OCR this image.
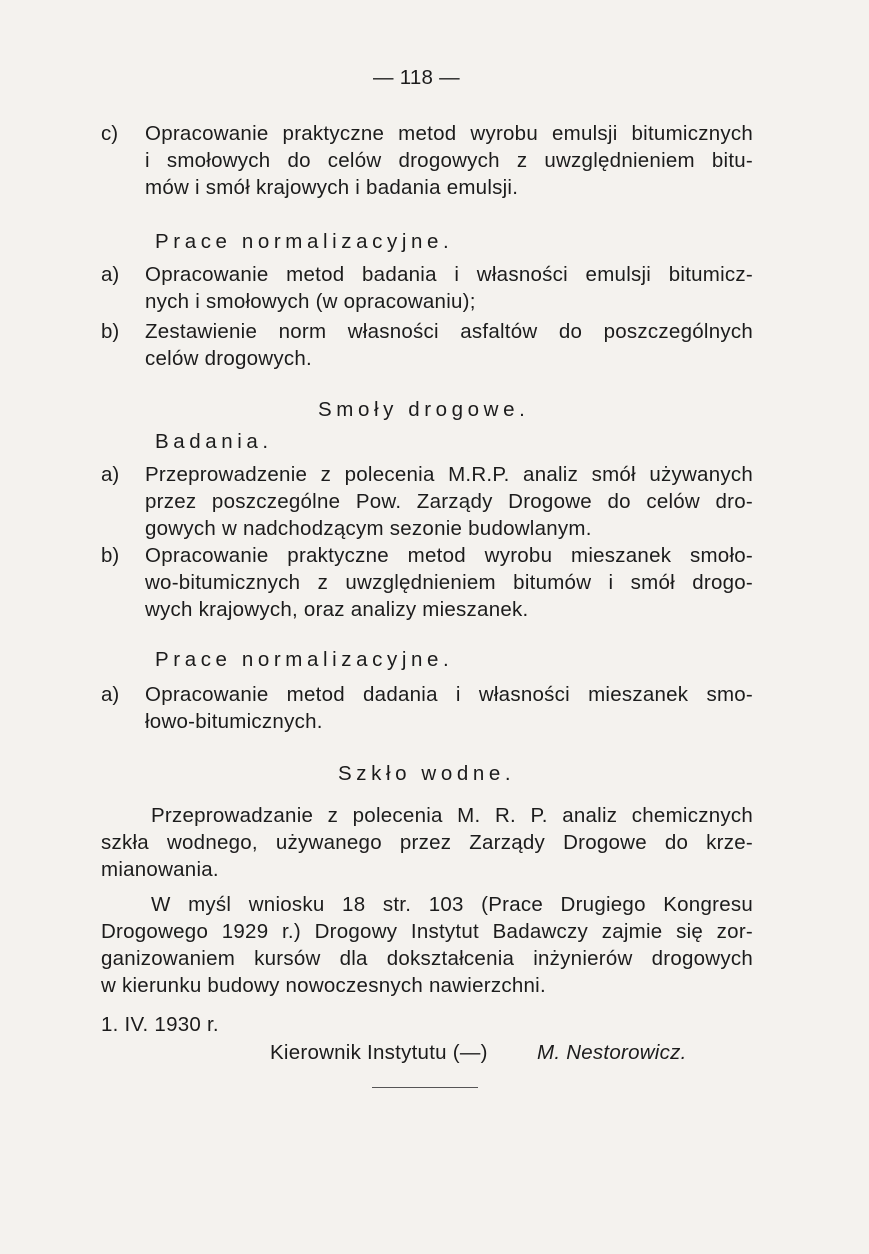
— 118 —

c) Opracowanie praktyczne metod wyrobu emulsji bitumicznych

i smołowych do celów drogowych z uwzględnieniem bitu-

mów i smół krajowych i badania emulsji.

Prace normalizacyjne.

a) Opracowanie metod badania i własności emulsji bitumicz-

nych i smołowych (w opracowaniu);

b) Zestawienie norm własności asfaltów do poszczególnych

celów drogowych.

Smoły drogowe.

Badania.

a) Przeprowadzenie z polecenia M.R.P. analiz smół używanych

przez poszczególne Pow. Zarządy Drogowe do celów dro-

gowych w nadchodzącym sezonie budowlanym.

b) Opracowanie praktyczne metod wyrobu mieszanek smoło-

wo-bitumicznych z uwzględnieniem bitumów i smół drogo-

wych krajowych, oraz analizy mieszanek.

Prace normalizacyjne.

a) Opracowanie metod dadania i własności mieszanek smo-

łowo-bitumicznych.

Szkło wodne.

Przeprowadzanie z polecenia M. R. P. analiz chemicznych

szkła wodnego, używanego przez Zarządy Drogowe do krze-

mianowania.

W myśl wniosku 18 str. 103 (Prace Drugiego Kongresu

Drogowego 1929 r.) Drogowy Instytut Badawczy zajmie się zor-

ganizowaniem kursów dla dokształcenia inżynierów drogowych

w kierunku budowy nowoczesnych nawierzchni.

1. IV. 1930 r.

Kierownik Instytutu (—) M. Nestorowicz.
